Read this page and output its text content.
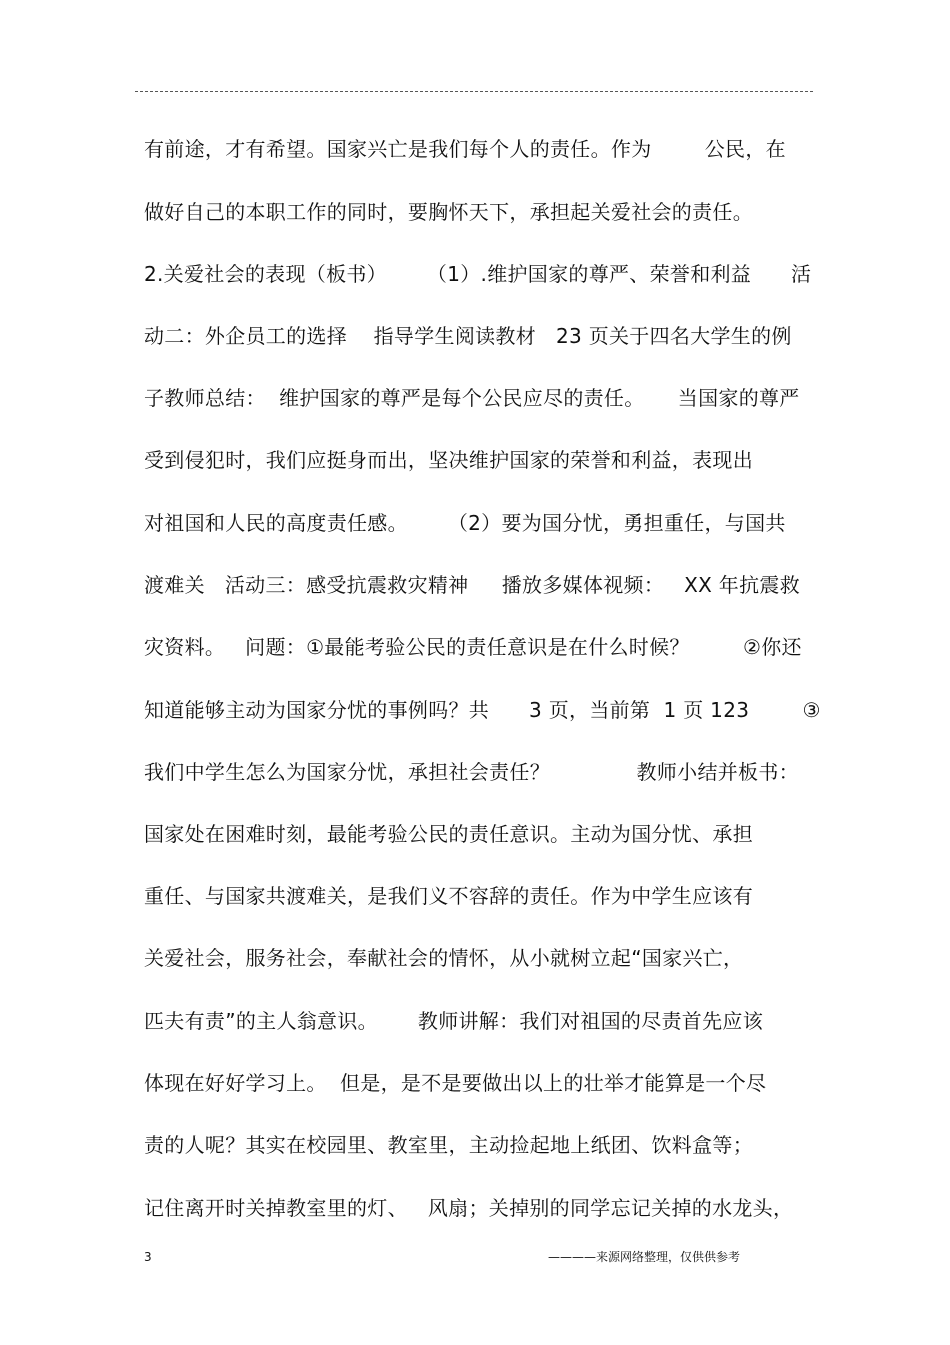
有前途，才有希望。国家兴亡是我们每个人的责任。作为        公民，在
做好自己的本职工作的同时，要胸怀天下，承担起关爱社会的责任。
2.关爱社会的表现（板书）      （1）.维护国家的尊严、荣誉和利益      活
动二：外企员工的选择    指导学生阅读教材   23 页关于四名大学生的例
子教师总结：  维护国家的尊严是每个公民应尽的责任。     当国家的尊严
受到侵犯时，我们应挺身而出，坚决维护国家的荣誉和利益，表现出
对祖国和人民的高度责任感。      （2）要为国分忧，勇担重任，与国共
渡难关   活动三：感受抗震救灾精神     播放多媒体视频：   XX 年抗震救
灾资料。   问题：①最能考验公民的责任意识是在什么时候？        ②你还
知道能够主动为国家分忧的事例吗？共      3 页，当前第  1 页 123        ③
我们中学生怎么为国家分忧，承担社会责任？             教师小结并板书：
国家处在困难时刻，最能考验公民的责任意识。主动为国分忧、承担
重任、与国家共渡难关，是我们义不容辞的责任。作为中学生应该有
关爱社会，服务社会，奉献社会的情怀，从小就树立起“国家兴亡，
匹夫有责”的主人翁意识。      教师讲解：我们对祖国的尽责首先应该
体现在好好学习上。  但是，是不是要做出以上的壮举才能算是一个尽
责的人呢？其实在校园里、教室里，主动捡起地上纸团、饮料盒等；
记住离开时关掉教室里的灯、   风扇；关掉别的同学忘记关掉的水龙头，
3	————来源网络整理，仅供供参考
